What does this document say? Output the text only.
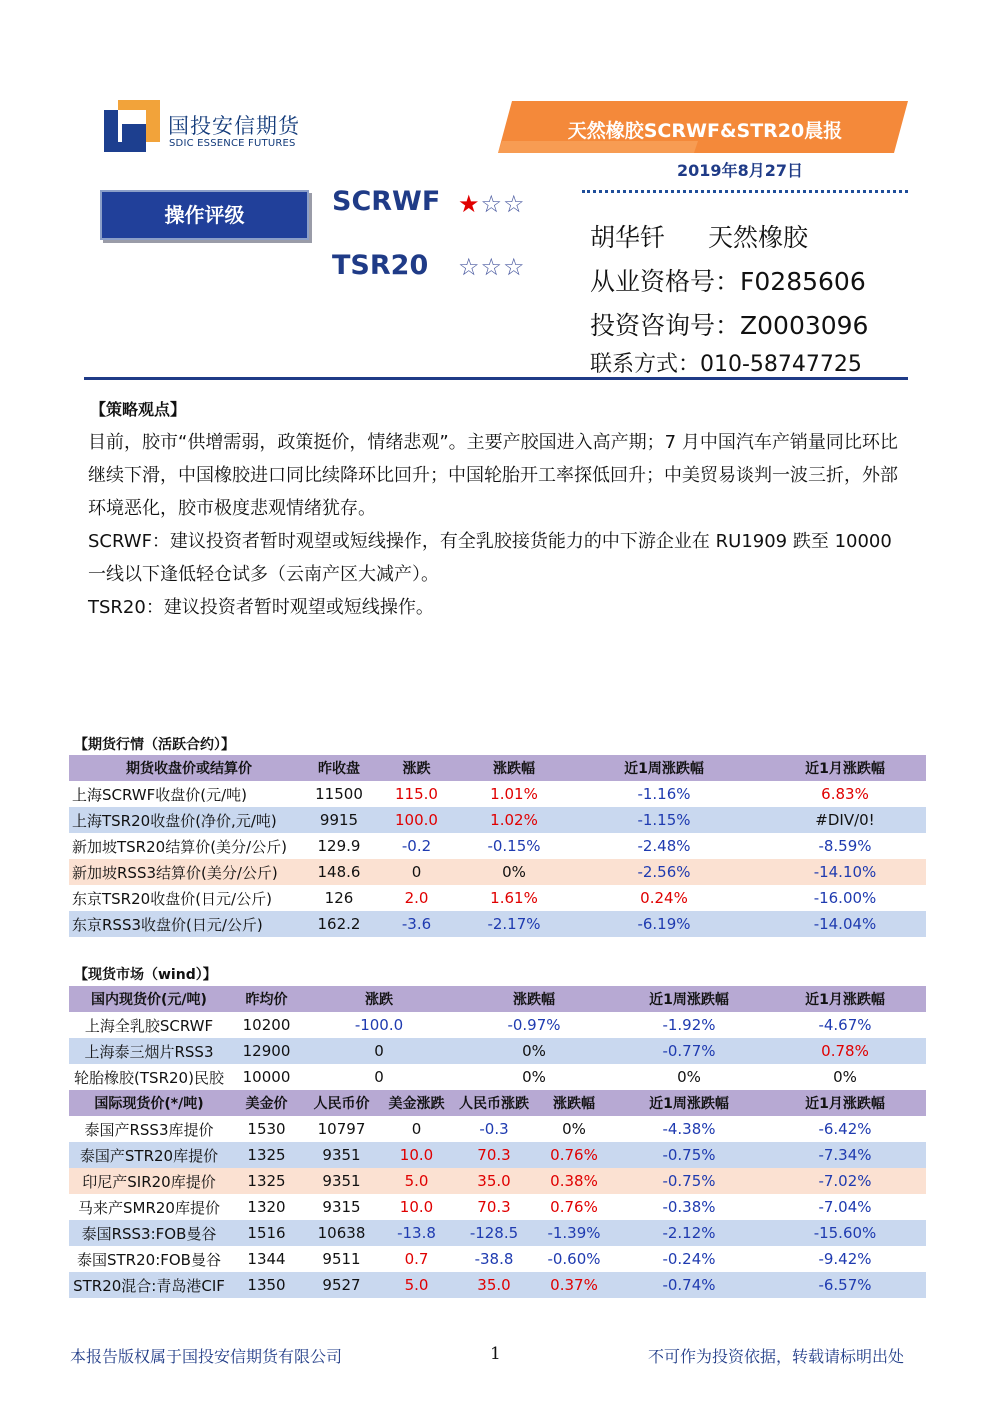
国投安信期货
SDIC ESSENCE FUTURES
天然橡胶SCRWF&STR20晨报
2019年8月27日
操作评级	SCRWF ★☆☆
TSR20 ☆☆☆
胡华钎 天然橡胶
从业资格号：F0285606
投资咨询号：Z0003096
联系方式：010-58747725
【策略观点】

目前，胶市“供增需弱，政策挺价，情绪悲观”。主要产胶国进入高产期；7 月中国汽车产销量同比环比继续下滑，中国橡胶进口同比续降环比回升；中国轮胎开工率探低回升；中美贸易谈判一波三折，外部环境恶化，胶市极度悲观情绪犹存。

SCRWF：建议投资者暂时观望或短线操作，有全乳胶接货能力的中下游企业在 RU1909 跌至 10000 一线以下逢低轻仓试多（云南产区大减产）。

TSR20：建议投资者暂时观望或短线操作。

【期货行情（活跃合约）】
期货收盘价或结算价	昨收盘	涨跌	涨跌幅	近1周涨跌幅	近1月涨跌幅
上海SCRWF收盘价(元/吨)	11500	115.0	1.01%	-1.16%	6.83%
上海TSR20收盘价(净价,元/吨)	9915	100.0	1.02%	-1.15%	#DIV/0!
新加坡TSR20结算价(美分/公斤)	129.9	-0.2	-0.15%	-2.48%	-8.59%
新加坡RSS3结算价(美分/公斤)	148.6	0	0%	-2.56%	-14.10%
东京TSR20收盘价(日元/公斤)	126	2.0	1.61%	0.24%	-16.00%
东京RSS3收盘价(日元/公斤)	162.2	-3.6	-2.17%	-6.19%	-14.04%
【现货市场（wind）】
国内现货价(元/吨)	昨均价	涨跌		涨跌幅		近1周涨跌幅	近1月涨跌幅
上海全乳胶SCRWF	10200	-100.0		-0.97%		-1.92%	-4.67%
上海泰三烟片RSS3	12900	0		0%		-0.77%	0.78%
轮胎橡胶(TSR20)民胶	10000	0		0%		0%	0%
国际现货价(*/吨)	美金价	人民币价	美金涨跌	人民币涨跌	涨跌幅	近1周涨跌幅	近1月涨跌幅
泰国产RSS3库提价	1530	10797	0	-0.3	0%	-4.38%	-6.42%
泰国产STR20库提价	1325	9351	10.0	70.3	0.76%	-0.75%	-7.34%
印尼产SIR20库提价	1325	9351	5.0	35.0	0.38%	-0.75%	-7.02%
马来产SMR20库提价	1320	9315	10.0	70.3	0.76%	-0.38%	-7.04%
泰国RSS3:FOB曼谷	1516	10638	-13.8	-128.5	-1.39%	-2.12%	-15.60%
泰国STR20:FOB曼谷	1344	9511	0.7	-38.8	-0.60%	-0.24%	-9.42%
STR20混合:青岛港CIF	1350	9527	5.0	35.0	0.37%	-0.74%	-6.57%
本报告版权属于国投安信期货有限公司	1	不可作为投资依据，转载请标明出处
